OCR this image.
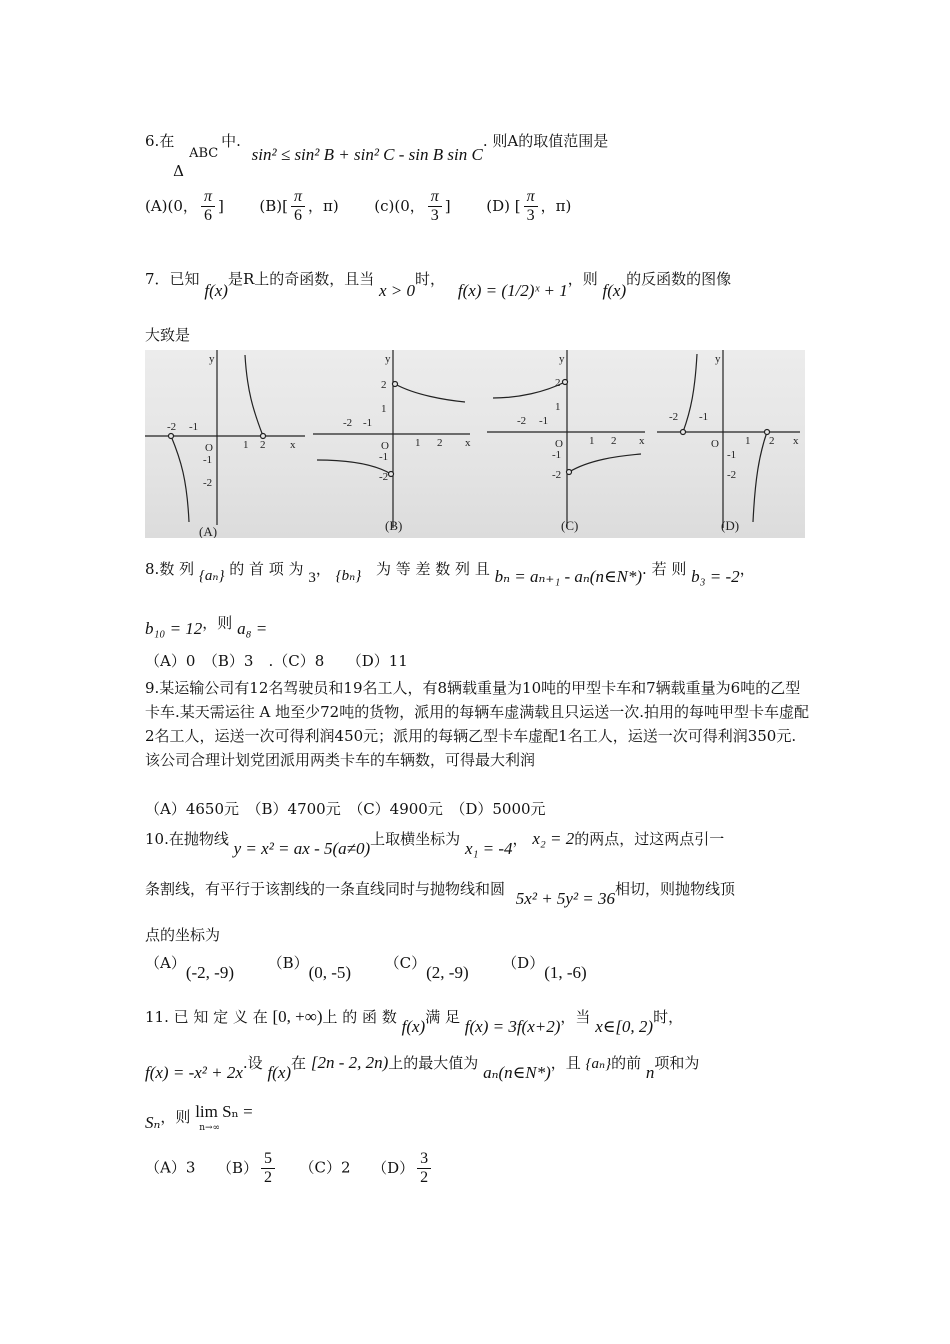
6.在
ABC
Δ
中. sin² ≤ sin² B + sin² C - sin B sin C. 则A的取值范围是
(A)(0， $\frac{\pi}{6}$ ] $(B)[ \frac{\pi}{6}$ ，π) (c)(0， $\frac{\pi}{3}$ ] (D) [ $\frac{\pi}{3}$ ，π)
7．已知 f(x)是R上的奇函数，且当 x > 0时， f(x) = (1/2)ˣ + 1，则 f(x)的反函数的图像
大致是
y
x
O	1 2
-2 -1
-1
-2
(A)
y
x
O 1 2
-2 -1
2
1
-1
-2
(B)
y
x
O 1 2
-2 -1
2
1
-1
-2
(C)
y
x
O 1 2
-2 -1
-1
-2
(D)
8.数 列 {aₙ} 的 首 项 为 3， {bₙ} 为 等 差 数 列 且 bₙ = aₙ₊₁ - aₙ(n∈N*). 若 则 b₃ = -2，
b₁₀ = 12，则 a₈ =
（A）0　（B）3　.（C）8　　（D）11
9.某运输公司有12名驾驶员和19名工人，有8辆载重量为10吨的甲型卡车和7辆载重量为6吨的乙型卡车.某天需运往 A 地至少72吨的货物，派用的每辆车虚满载且只运送一次.拍用的每吨甲型卡车虚配2名工人，运送一次可得利润450元；派用的每辆乙型卡车虚配1名工人，运送一次可得利润350元.该公司合理计划党团派用两类卡车的车辆数，可得最大利润
（A）4650元　（B）4700元　（C）4900元　（D）5000元
10.在抛物线 y = x² = ax - 5(a≠0)上取横坐标为 x₁ = -4， x₂ = 2的两点，过这两点引一
条割线，有平行于该割线的一条直线同时与抛物线和圆 5x² + 5y² = 36相切，则抛物线顶
点的坐标为
（A）(-2, -9) （B）(0, -5) （C）(2, -9) （D）(1, -6)
11. 已 知 定 义 在 [0, +∞)上 的 函 数 f(x)满 足 f(x) = 3f(x+2)，当 x∈[0, 2)时，
f(x) = -x² + 2x.设 f(x)在 [2n - 2, 2n)上的最大值为 aₙ(n∈N*)，且 {aₙ}的前 n项和为
Sₙ，则 lim Sₙ =
n→∞
（A）3 $(B) \frac{5}{2} (C)2$ $(D) \frac{3}{2}$
